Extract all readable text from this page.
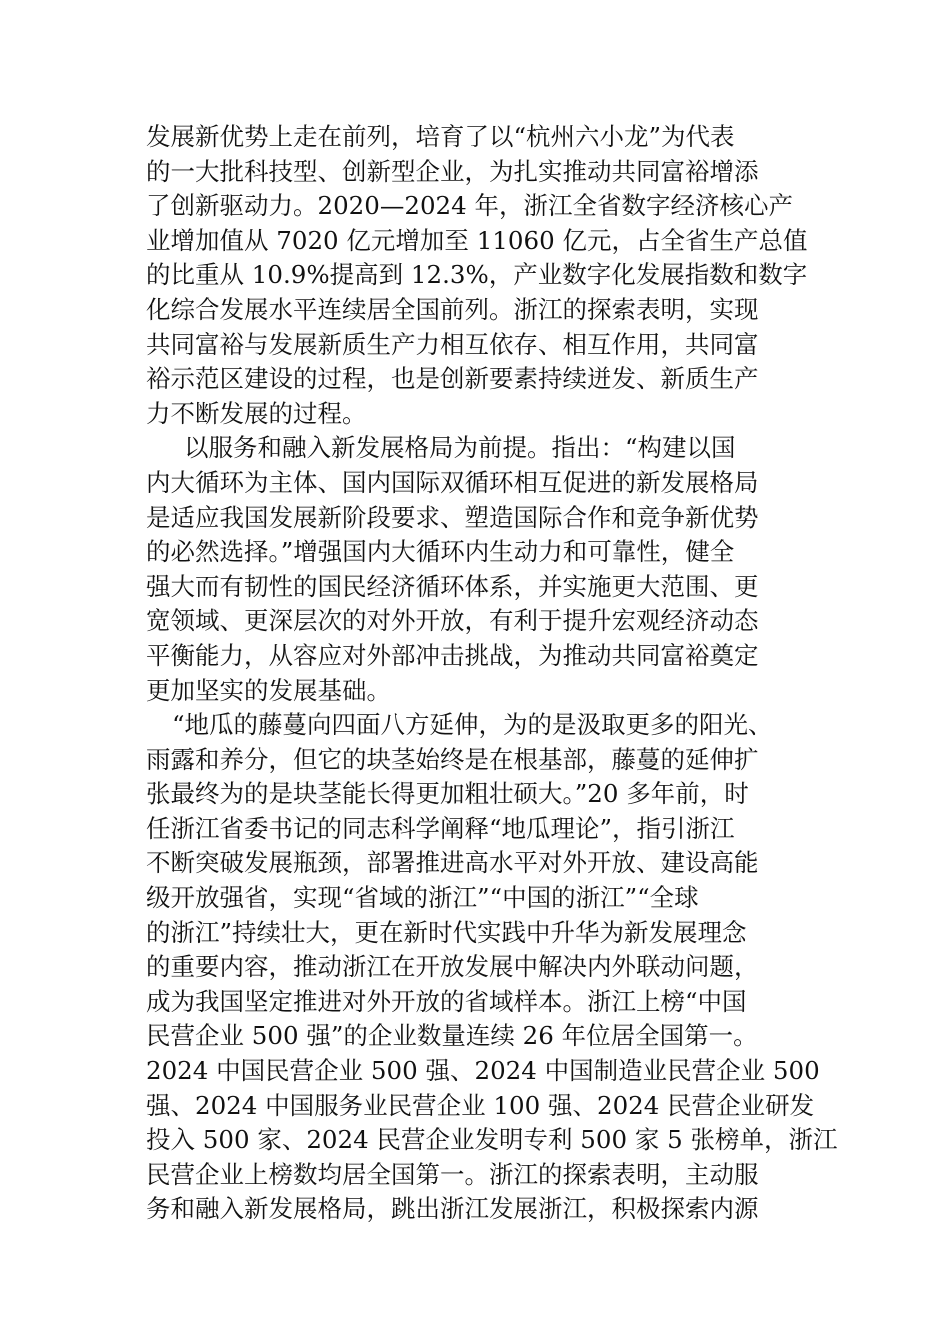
发展新优势上走在前列，培育了以“杭州六小龙”为代表
的一大批科技型、创新型企业，为扎实推动共同富裕增添
了创新驱动力。2020—2024 年，浙江全省数字经济核心产
业增加值从 7020 亿元增加至 11060 亿元，占全省生产总值
的比重从 10.9%提高到 12.3%，产业数字化发展指数和数字
化综合发展水平连续居全国前列。浙江的探索表明，实现
共同富裕与发展新质生产力相互依存、相互作用，共同富
裕示范区建设的过程，也是创新要素持续迸发、新质生产
力不断发展的过程。
以服务和融入新发展格局为前提。指出：“构建以国
内大循环为主体、国内国际双循环相互促进的新发展格局
是适应我国发展新阶段要求、塑造国际合作和竞争新优势
的必然选择。”增强国内大循环内生动力和可靠性，健全
强大而有韧性的国民经济循环体系，并实施更大范围、更
宽领域、更深层次的对外开放，有利于提升宏观经济动态
平衡能力，从容应对外部冲击挑战，为推动共同富裕奠定
更加坚实的发展基础。
“地瓜的藤蔓向四面八方延伸，为的是汲取更多的阳光、
雨露和养分，但它的块茎始终是在根基部，藤蔓的延伸扩
张最终为的是块茎能长得更加粗壮硕大。”20 多年前，时
任浙江省委书记的同志科学阐释“地瓜理论”，指引浙江
不断突破发展瓶颈，部署推进高水平对外开放、建设高能
级开放强省，实现“省域的浙江”“中国的浙江”“全球
的浙江”持续壮大，更在新时代实践中升华为新发展理念
的重要内容，推动浙江在开放发展中解决内外联动问题，
成为我国坚定推进对外开放的省域样本。浙江上榜“中国
民营企业 500 强”的企业数量连续 26 年位居全国第一。
2024 中国民营企业 500 强、2024 中国制造业民营企业 500
强、2024 中国服务业民营企业 100 强、2024 民营企业研发
投入 500 家、2024 民营企业发明专利 500 家 5 张榜单，浙江
民营企业上榜数均居全国第一。浙江的探索表明，主动服
务和融入新发展格局，跳出浙江发展浙江，积极探索内源
